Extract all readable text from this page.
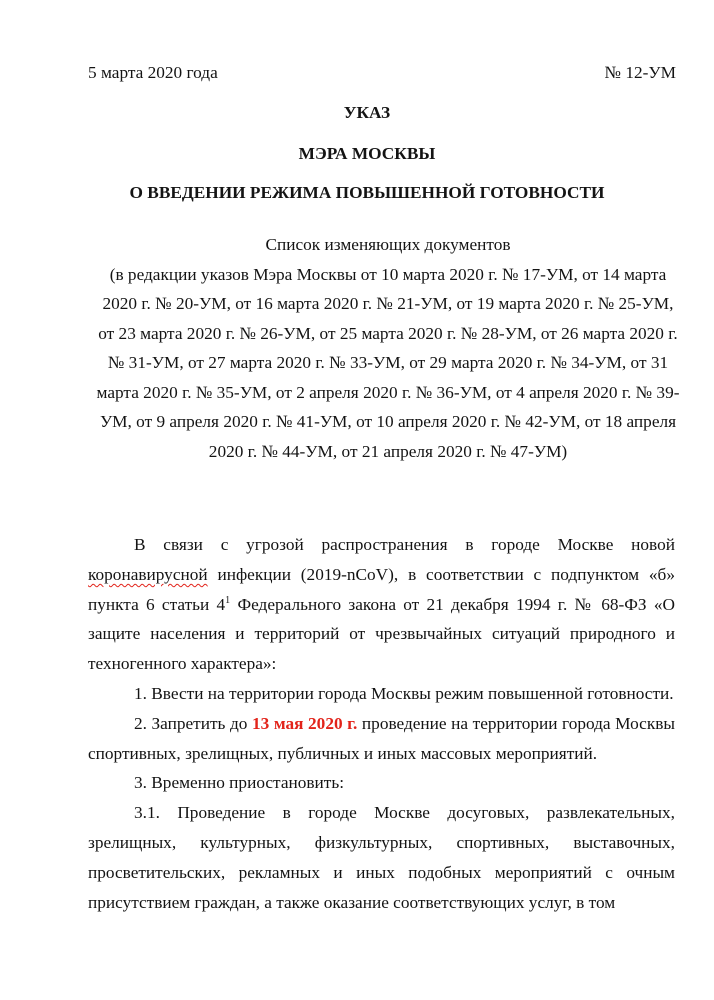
5 марта 2020 года	№ 12-УМ
УКАЗ
МЭРА МОСКВЫ
О ВВЕДЕНИИ РЕЖИМА ПОВЫШЕННОЙ ГОТОВНОСТИ
Список изменяющих документов
(в редакции указов Мэра Москвы от 10 марта 2020 г. № 17-УМ, от 14 марта 2020 г. № 20-УМ, от 16 марта 2020 г. № 21-УМ, от 19 марта 2020 г. № 25-УМ, от 23 марта 2020 г. № 26-УМ, от 25 марта 2020 г. № 28-УМ, от 26 марта 2020 г. № 31-УМ, от 27 марта 2020 г. № 33-УМ, от 29 марта 2020 г. № 34-УМ, от 31 марта 2020 г. № 35-УМ, от 2 апреля 2020 г. № 36-УМ, от 4 апреля 2020 г. № 39-УМ, от 9 апреля 2020 г. № 41-УМ, от 10 апреля 2020 г. № 42-УМ, от 18 апреля 2020 г. № 44-УМ, от 21 апреля 2020 г. № 47-УМ)

В связи с угрозой распространения в городе Москве новой коронавирусной инфекции (2019-nCoV), в соответствии с подпунктом «б» пункта 6 статьи $4^1$ Федерального закона от 21 декабря 1994 г. № 68-ФЗ «О защите населения и территорий от чрезвычайных ситуаций природного и техногенного характера»:

1. Ввести на территории города Москвы режим повышенной готовности.

2. Запретить до 13 мая 2020 г. проведение на территории города Москвы спортивных, зрелищных, публичных и иных массовых мероприятий.

3. Временно приостановить:

3.1. Проведение в городе Москве досуговых, развлекательных, зрелищных, культурных, физкультурных, спортивных, выставочных, просветительских, рекламных и иных подобных мероприятий с очным присутствием граждан, а также оказание соответствующих услуг, в том
